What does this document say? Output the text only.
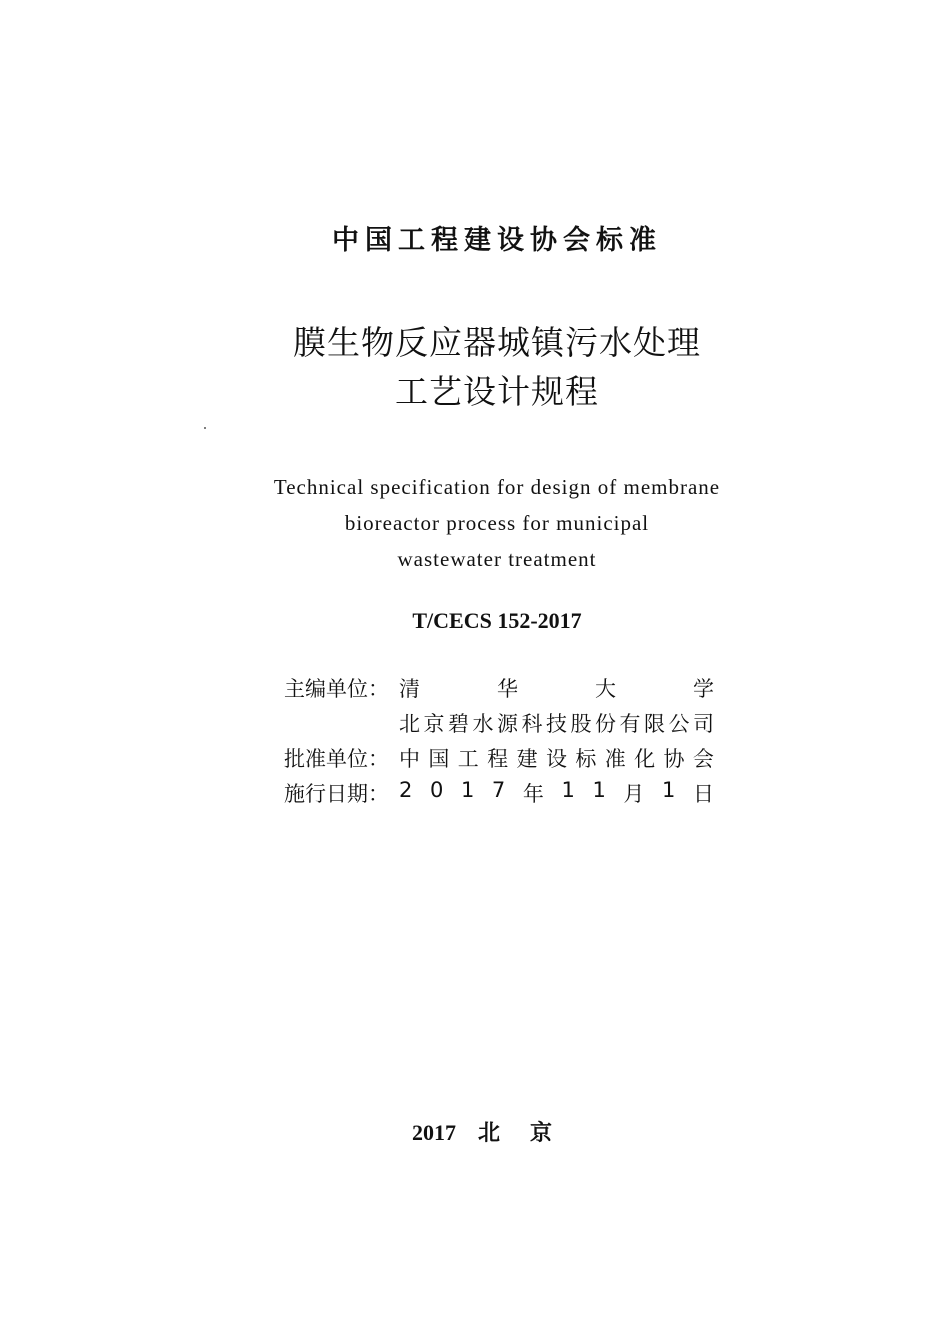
中国工程建设协会标准
膜生物反应器城镇污水处理
工艺设计规程
Technical specification for design of membrane
bioreactor process for municipal
wastewater treatment
T/CECS 152-2017
主编单位： 清	华	大	学
北 京 碧 水 源 科 技 股 份 有 限 公 司
批准单位： 中 国 工 程 建 设 标 准 化 协 会
施行日期： 2 0 1 7 年 1 1 月 1 日
2017 北京
